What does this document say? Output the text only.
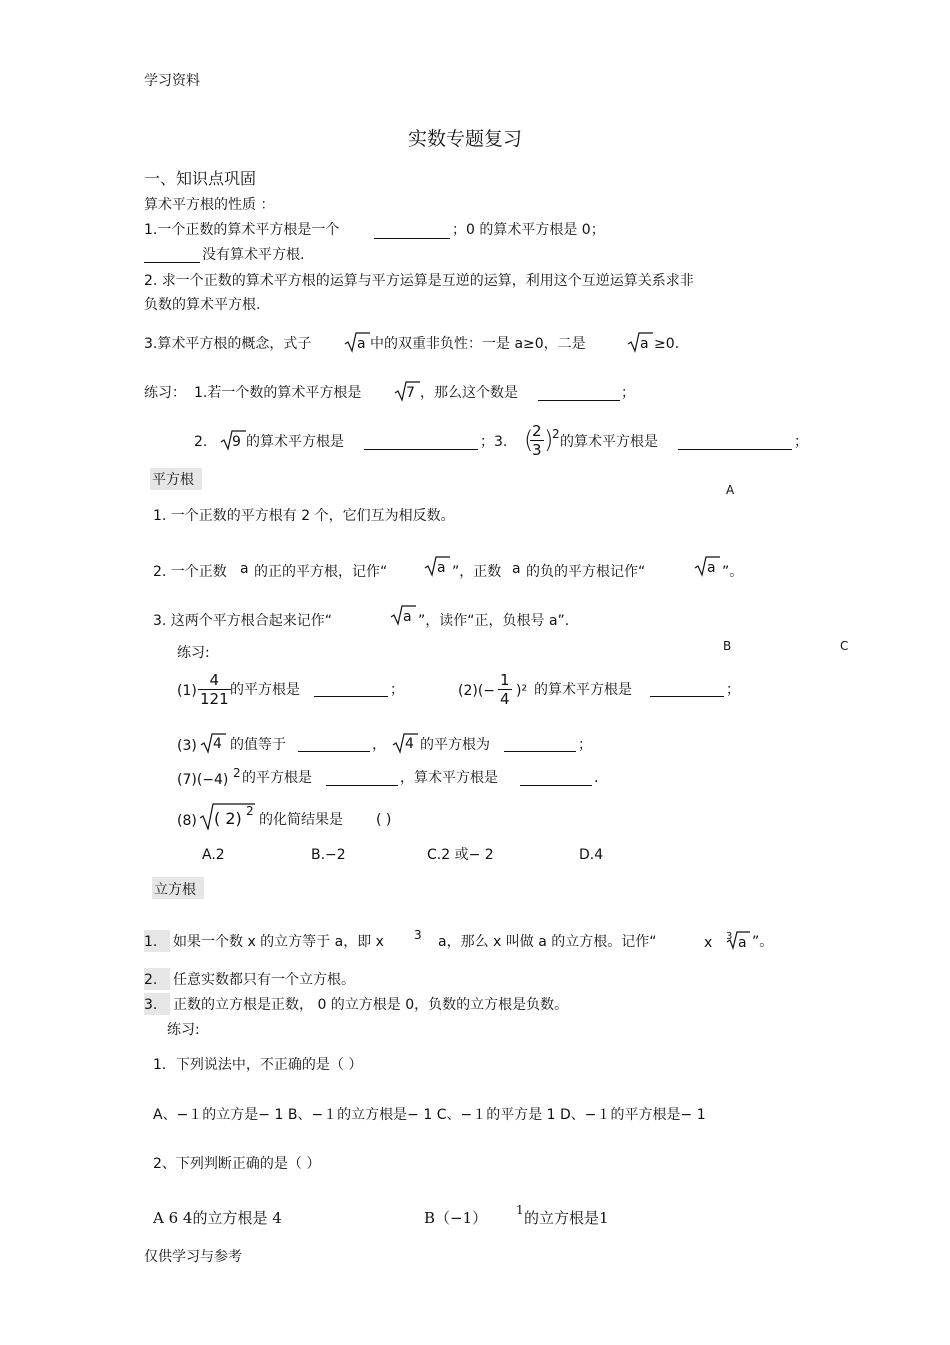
学习资料
实数专题复习
一、知识点巩固
算术平方根的性质 ：
1.一个正数的算术平方根是一个	；0 的算术平方根是 0；
没有算术平方根.
2. 求一个正数的算术平方根的运算与平方运算是互逆的运算，利用这个互逆运算关系求非
负数的算术平方根.
3.算术平方根的概念，式子	a 中的双重非负性：一是 a≥0，二是	a ≥0.
练习： 1.若一个数的算术平方根是	7 ，那么这个数是	；
2. 9 的算术平方根是	；3. (
$\frac{2}{3}$ )
2 的算术平方根是	；
平方根
A
1. 一个正数的平方根有 2 个，它们互为相反数。
2. 一个正数 a 的正的平方根，记作“	a ”，正数 a 的负的平方根记作“	a ”。
3. 这两个平方根合起来记作“	a ”，读作“正，负根号 a”.
B	C
练习:
$(1) \frac{4}{121}$ 的平方根是	；	$(2)(- \frac{1}{4} )^2$ 的算术平方根是	；
(3) 4 的值等于	， 4 的平方根为	；
(7)(−4) 2 的平方根是	，算术平方根是	.
(8) ( 2) 2
的化简结果是 ( )
A.2	B.−2	C.2 或− 2	D.4
立方根
1. 如果一个数 x 的立方等于 a，即 x	3 a，那么 x 叫做 a 的立方根。记作“	x 3 a ”。
2. 任意实数都只有一个立方根。
3. 正数的立方根是正数， 0 的立方根是 0，负数的立方根是负数。
练习:
1．下列说法中，不正确的是（ ）
A、−１的立方是− 1 B、−１的立方根是− 1 C、−１的平方是 1 D、−１的平方根是− 1
2、下列判断正确的是（ ）
A 6 4的立方根是 4	B（−1） 1 的立方根是1
仅供学习与参考
